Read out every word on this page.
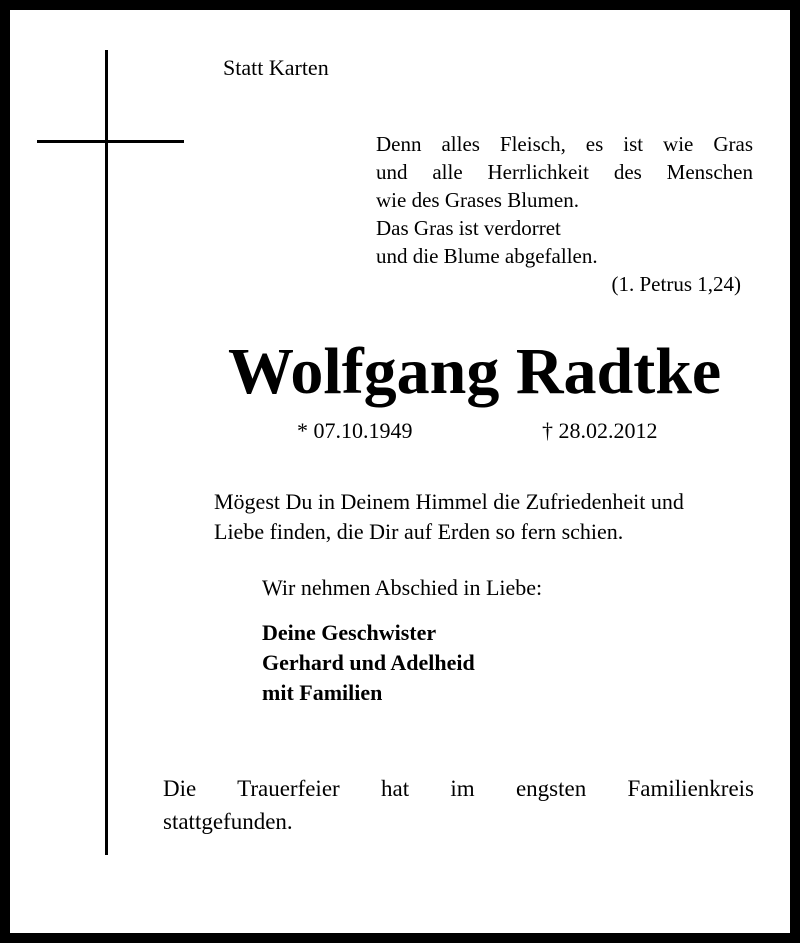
Statt Karten
Denn alles Fleisch, es ist wie Gras
und alle Herrlichkeit des Menschen
wie des Grases Blumen.
Das Gras ist verdorret
und die Blume abgefallen.
(1. Petrus 1,24)
Wolfgang Radtke
* 07.10.1949	† 28.02.2012
Mögest Du in Deinem Himmel die Zufriedenheit und
Liebe finden, die Dir auf Erden so fern schien.
Wir nehmen Abschied in Liebe:
Deine Geschwister
Gerhard und Adelheid
mit Familien
Die Trauerfeier hat im engsten Familienkreis
stattgefunden.
